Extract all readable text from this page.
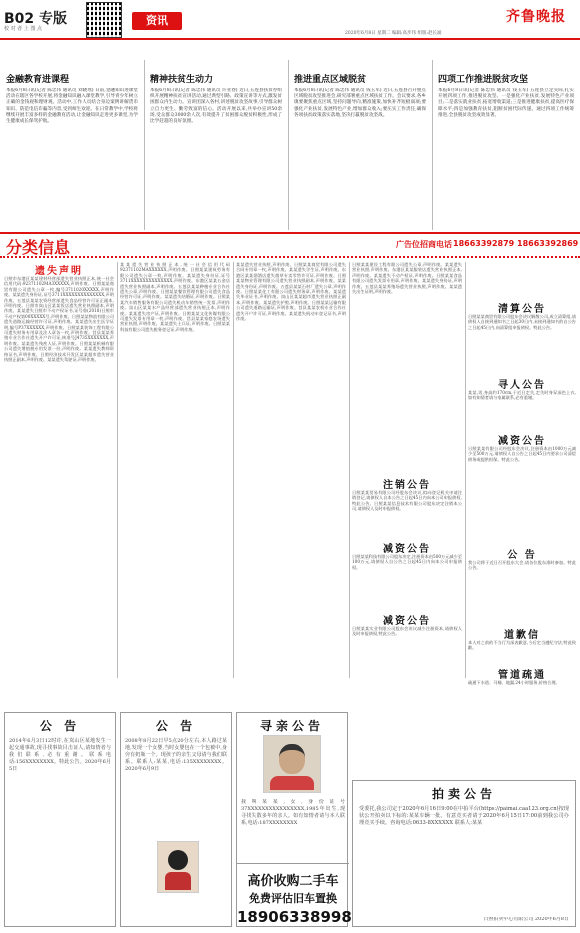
B02 专版
校 对 者 上 图 点
资讯	齐鲁晚报
2020年6月8日 星期二 编辑:高步伟 组版:赵长涌
金融教育进课程
本报6月8日讯(记者 陈忠伟 通讯员 刘晓瑶) 日前,金融知识进课堂活动在辖区各学校开展,将金融知识融入课堂教学,引导青少年树立正确的金钱观和理财观。活动中,工作人员结合身边案例讲解货币知识、防范电信诈骗等内容,受到师生欢迎。在日常教学中,学校将继续开展丰富多样的金融教育活动,让金融知识走进更多课堂,为学生健康成长保驾护航。
精神扶贫生动力
本报6月8日讯(记者 陈忠伟 通讯员 许亚春) 近日,五莲县扶贫办组织开展精神扶贫宣讲活动,通过典型引路、政策宣讲等方式,激发贫困群众内生动力。宣讲团深入各村,讲述脱贫攻坚故事,引导群众树立自力更生、勤劳致富的信心。活动开展以来,共举办宣讲50余场,受众群众3000余人次,有效提升了贫困群众脱贫积极性,形成了比学赶超的良好氛围。
推进重点区域脱贫
本报6月8日讯(记者 陈忠伟 通讯员 钱玉军) 近日,五莲县召开重点区域脱贫攻坚推进会,研究部署重点区域扶贫工作。会议要求,各乡镇要聚焦重点区域,坚持问题导向,精准施策,加快补齐短板弱项;要强化产业扶贫,发展特色产业,增加群众收入;要压实工作责任,确保各项扶贫政策落实落地,坚决打赢脱贫攻坚战。
四项工作推进脱贫攻坚
本报6月8日讯(记者 陈忠伟 通讯员 钱玉军) 五莲县立足实际,扎实开展四项工作,推进脱贫攻坚。一是强化产业扶贫,发展特色产业项目;二是落实就业扶贫,拓宽增收渠道;三是推进健康扶贫,提高医疗保障水平;四是加强教育扶贫,阻断贫困代际传递。通过四项工作统筹推进,全县脱贫攻坚成效显著。
分类信息	广告位招商电话 18663392879 18663392869
遗失声明
日照市东港区某某建材经营部遗失营业执照正本,统一社会信用代码:92371102MA3XXXXX,声明作废。日照某某商贸有限公司遗失公章一枚,编号3711020XXXXX,声明作废。某某遗失身份证,证号3711XXXXXXXXXXXXXX,声明作废。五莲县某某农资经营部遗失食品经营许可证正副本,声明作废。日照市岚山区某某饭店遗失营业执照副本,声明作废。某某遗失日照市不动产权证书,证号鲁(2018)日照市不动产权第00XXXXX号,声明作废。日照某某物流有限公司遗失道路运输经营许可证,声明作废。某某遗失出生医学证明,编号P37XXXXXX,声明作废。日照某某装饰工程有限公司遗失财务专用章及法人章各一枚,声明作废。莒县某某养殖专业合作社遗失开户许可证,核准号J4735XXXXXXX,声明作废。某某遗失残疾人证,声明作废。日照某某机械有限公司遗失增值税专用发票一份,声明作废。某某遗失教师资格证书,声明作废。日照经济技术开发区某某超市遗失营业执照正副本,声明作废。某某遗失驾驶证,声明作废。
某某遗失营业执照正本,统一社会信用代码92371102MAXXXXXX,声明作废。日照某某建筑劳务有限公司遗失公章一枚,声明作废。某某遗失身份证,证号3711XXXXXXXXXXXXXX,声明作废。东港区某某五金店遗失营业执照副本,声明作废。五莲县某某种植专业合作社遗失公章,声明作废。日照某某餐饮管理有限公司遗失食品经营许可证,声明作废。某某遗失结婚证,声明作废。日照某某汽车销售服务有限公司遗失机动车销售统一发票,声明作废。岚山区某某水产品经营部遗失营业执照正本,声明作废。某某遗失房产证,声明作废。日照某某文化传媒有限公司遗失发票专用章一枚,声明作废。莒县某某家庭农场遗失营业执照,声明作废。某某遗失士兵证,声明作废。日照某某科技有限公司遗失税务登记证,声明作废。
某某遗失营业执照,声明作废。日照某某商贸有限公司遗失合同专用章一枚,声明作废。某某遗失学生证,声明作废。东港区某某烟酒店遗失烟草专卖零售许可证,声明作废。日照某某物业管理有限公司遗失营业执照副本,声明作废。某某遗失身份证,声明作废。五莲县某某石材厂遗失公章,声明作废。日照某某化工有限公司遗失财务章,声明作废。某某遗失毕业证书,声明作废。岚山区某某超市遗失营业执照正副本,声明作废。某某遗失护照,声明作废。日照某某运输有限公司遗失道路运输证,声明作废。莒县某某农机专业合作社遗失开户许可证,声明作废。某某遗失机动车登记证书,声明作废。
日照某某建设工程有限公司遗失公章,声明作废。某某遗失营业执照,声明作废。东港区某某服装店遗失营业执照正本,声明作废。某某遗失不动产权证,声明作废。日照某某食品有限公司遗失发票专用章,声明作废。某某遗失身份证,声明作废。五莲县某某养殖场遗失营业执照,声明作废。某某遗失出生证明,声明作废。
注销公告
日照某某贸易有限公司经股东会决议,拟向登记机关申请注销登记,请债权人自本公告之日起45日内向本公司申报债权,特此公告。日照某某信息技术有限公司股东决定注销本公司,请债权人及时申报债权。
减资公告
日照某某科技有限公司股东决定,注册资本由500万元减少至100万元,请债权人自公告之日起45日内向本公司申报债权。
减资公告
日照某某实业有限公司股东会决议减少注册资本,请债权人及时申报债权,特此公告。
清算公告
日照某某商贸有限公司股东会决议解散公司,成立清算组,请债权人自接到通知书之日起30日内,未接到通知书的自公告之日起45日内,向清算组申报债权。特此公告。
寻人公告
某某,男,身高约170cm,于近日走失,走失时身穿深色上衣,如有知情者请与家属联系,必有重谢。
减资公告
日照某某有限公司经股东会决议,注册资本由1000万元减少至500万元,请债权人自公告之日起45日内要求公司清偿债务或提供担保。特此公告。
公 告
我公司将于近日召开股东大会,请各位股东准时参加。特此公告。
道歉信
本人对之前的不当行为深表歉意,今后定当遵纪守法,特此致歉。
管道疏通
疏通下水道、马桶、地漏,24小时服务,价格合理。
公 告
2014年6月3日12时许,在岚山区某地发生一起交通事故,现寻找事故目击证人,请知情者与我们联系,必有重谢。联系电话:156XXXXXXXX。特此公告。2020年6月5日
公 告
2008年8月22日早5点20分左右,本人路过某地,发现一个女婴,当时女婴包在一个包被中,身旁有奶瓶一个。现孩子的亲生父母请与我们联系。联系人:某某,电话:135XXXXXXXX。2020年6月9日
寻亲公告
我叫某某,女,身份证号37XXXXXXXXXXXXXXXX,1985年出生,现寻找失散多年的亲人。如有知情者请与本人联系,电话:187XXXXXXXX
高价收购二手车
免费评估旧车置换
18906338998
拍卖公告
受委托,我公司定于2020年6月16日9:00在中拍平台(https://paimai.caa123.org.cn)按现状公开拍卖以下标的:某某车辆一批。有意竞买者请于2020年6月15日17:00前到我公司办理竞买手续。咨询电话:0633-8XXXXXX 联系人:某某
日照拍卖中心有限公司 2020年6月8日
